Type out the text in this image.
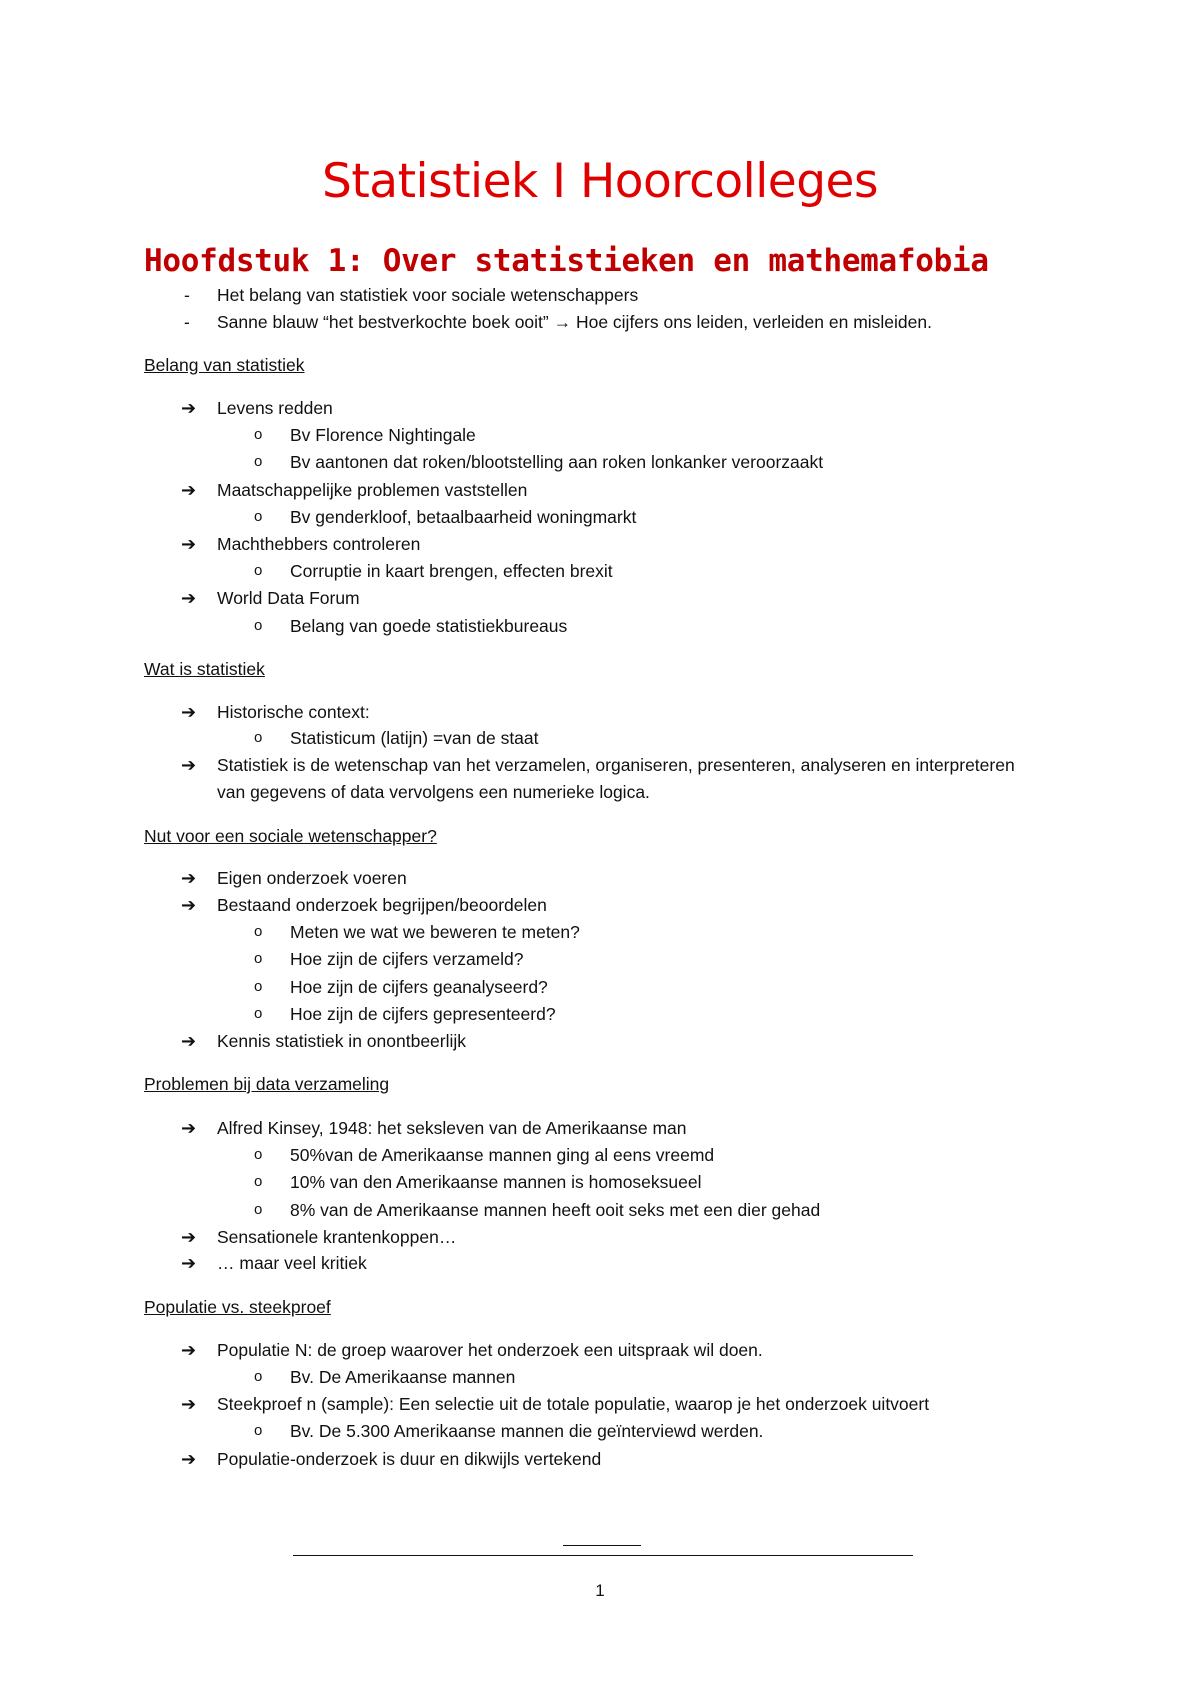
Statistiek I Hoorcolleges
Hoofdstuk 1: Over statistieken en mathemafobia
- Het belang van statistiek voor sociale wetenschappers
- Sanne blauw “het bestverkochte boek ooit” → Hoe cijfers ons leiden, verleiden en misleiden.
Belang van statistiek
➔ Levens redden
o Bv Florence Nightingale
o Bv aantonen dat roken/blootstelling aan roken lonkanker veroorzaakt
➔ Maatschappelijke problemen vaststellen
o Bv genderkloof, betaalbaarheid woningmarkt
➔ Machthebbers controleren
o Corruptie in kaart brengen, effecten brexit
➔ World Data Forum
o Belang van goede statistiekbureaus
Wat is statistiek
➔ Historische context:
o Statisticum (latijn) =van de staat
➔ Statistiek is de wetenschap van het verzamelen, organiseren, presenteren, analyseren en interpreteren
van gegevens of data vervolgens een numerieke logica.
Nut voor een sociale wetenschapper?
➔ Eigen onderzoek voeren
➔ Bestaand onderzoek begrijpen/beoordelen
o Meten we wat we beweren te meten?
o Hoe zijn de cijfers verzameld?
o Hoe zijn de cijfers geanalyseerd?
o Hoe zijn de cijfers gepresenteerd?
➔ Kennis statistiek in onontbeerlijk
Problemen bij data verzameling
➔ Alfred Kinsey, 1948: het seksleven van de Amerikaanse man
o 50%van de Amerikaanse mannen ging al eens vreemd
o 10% van den Amerikaanse mannen is homoseksueel
o 8% van de Amerikaanse mannen heeft ooit seks met een dier gehad
➔ Sensationele krantenkoppen…
➔ … maar veel kritiek
Populatie vs. steekproef
➔ Populatie N: de groep waarover het onderzoek een uitspraak wil doen.
o Bv. De Amerikaanse mannen
➔ Steekproef n (sample): Een selectie uit de totale populatie, waarop je het onderzoek uitvoert
o Bv. De 5.300 Amerikaanse mannen die geïnterviewd werden.
➔ Populatie-onderzoek is duur en dikwijls vertekend
1
